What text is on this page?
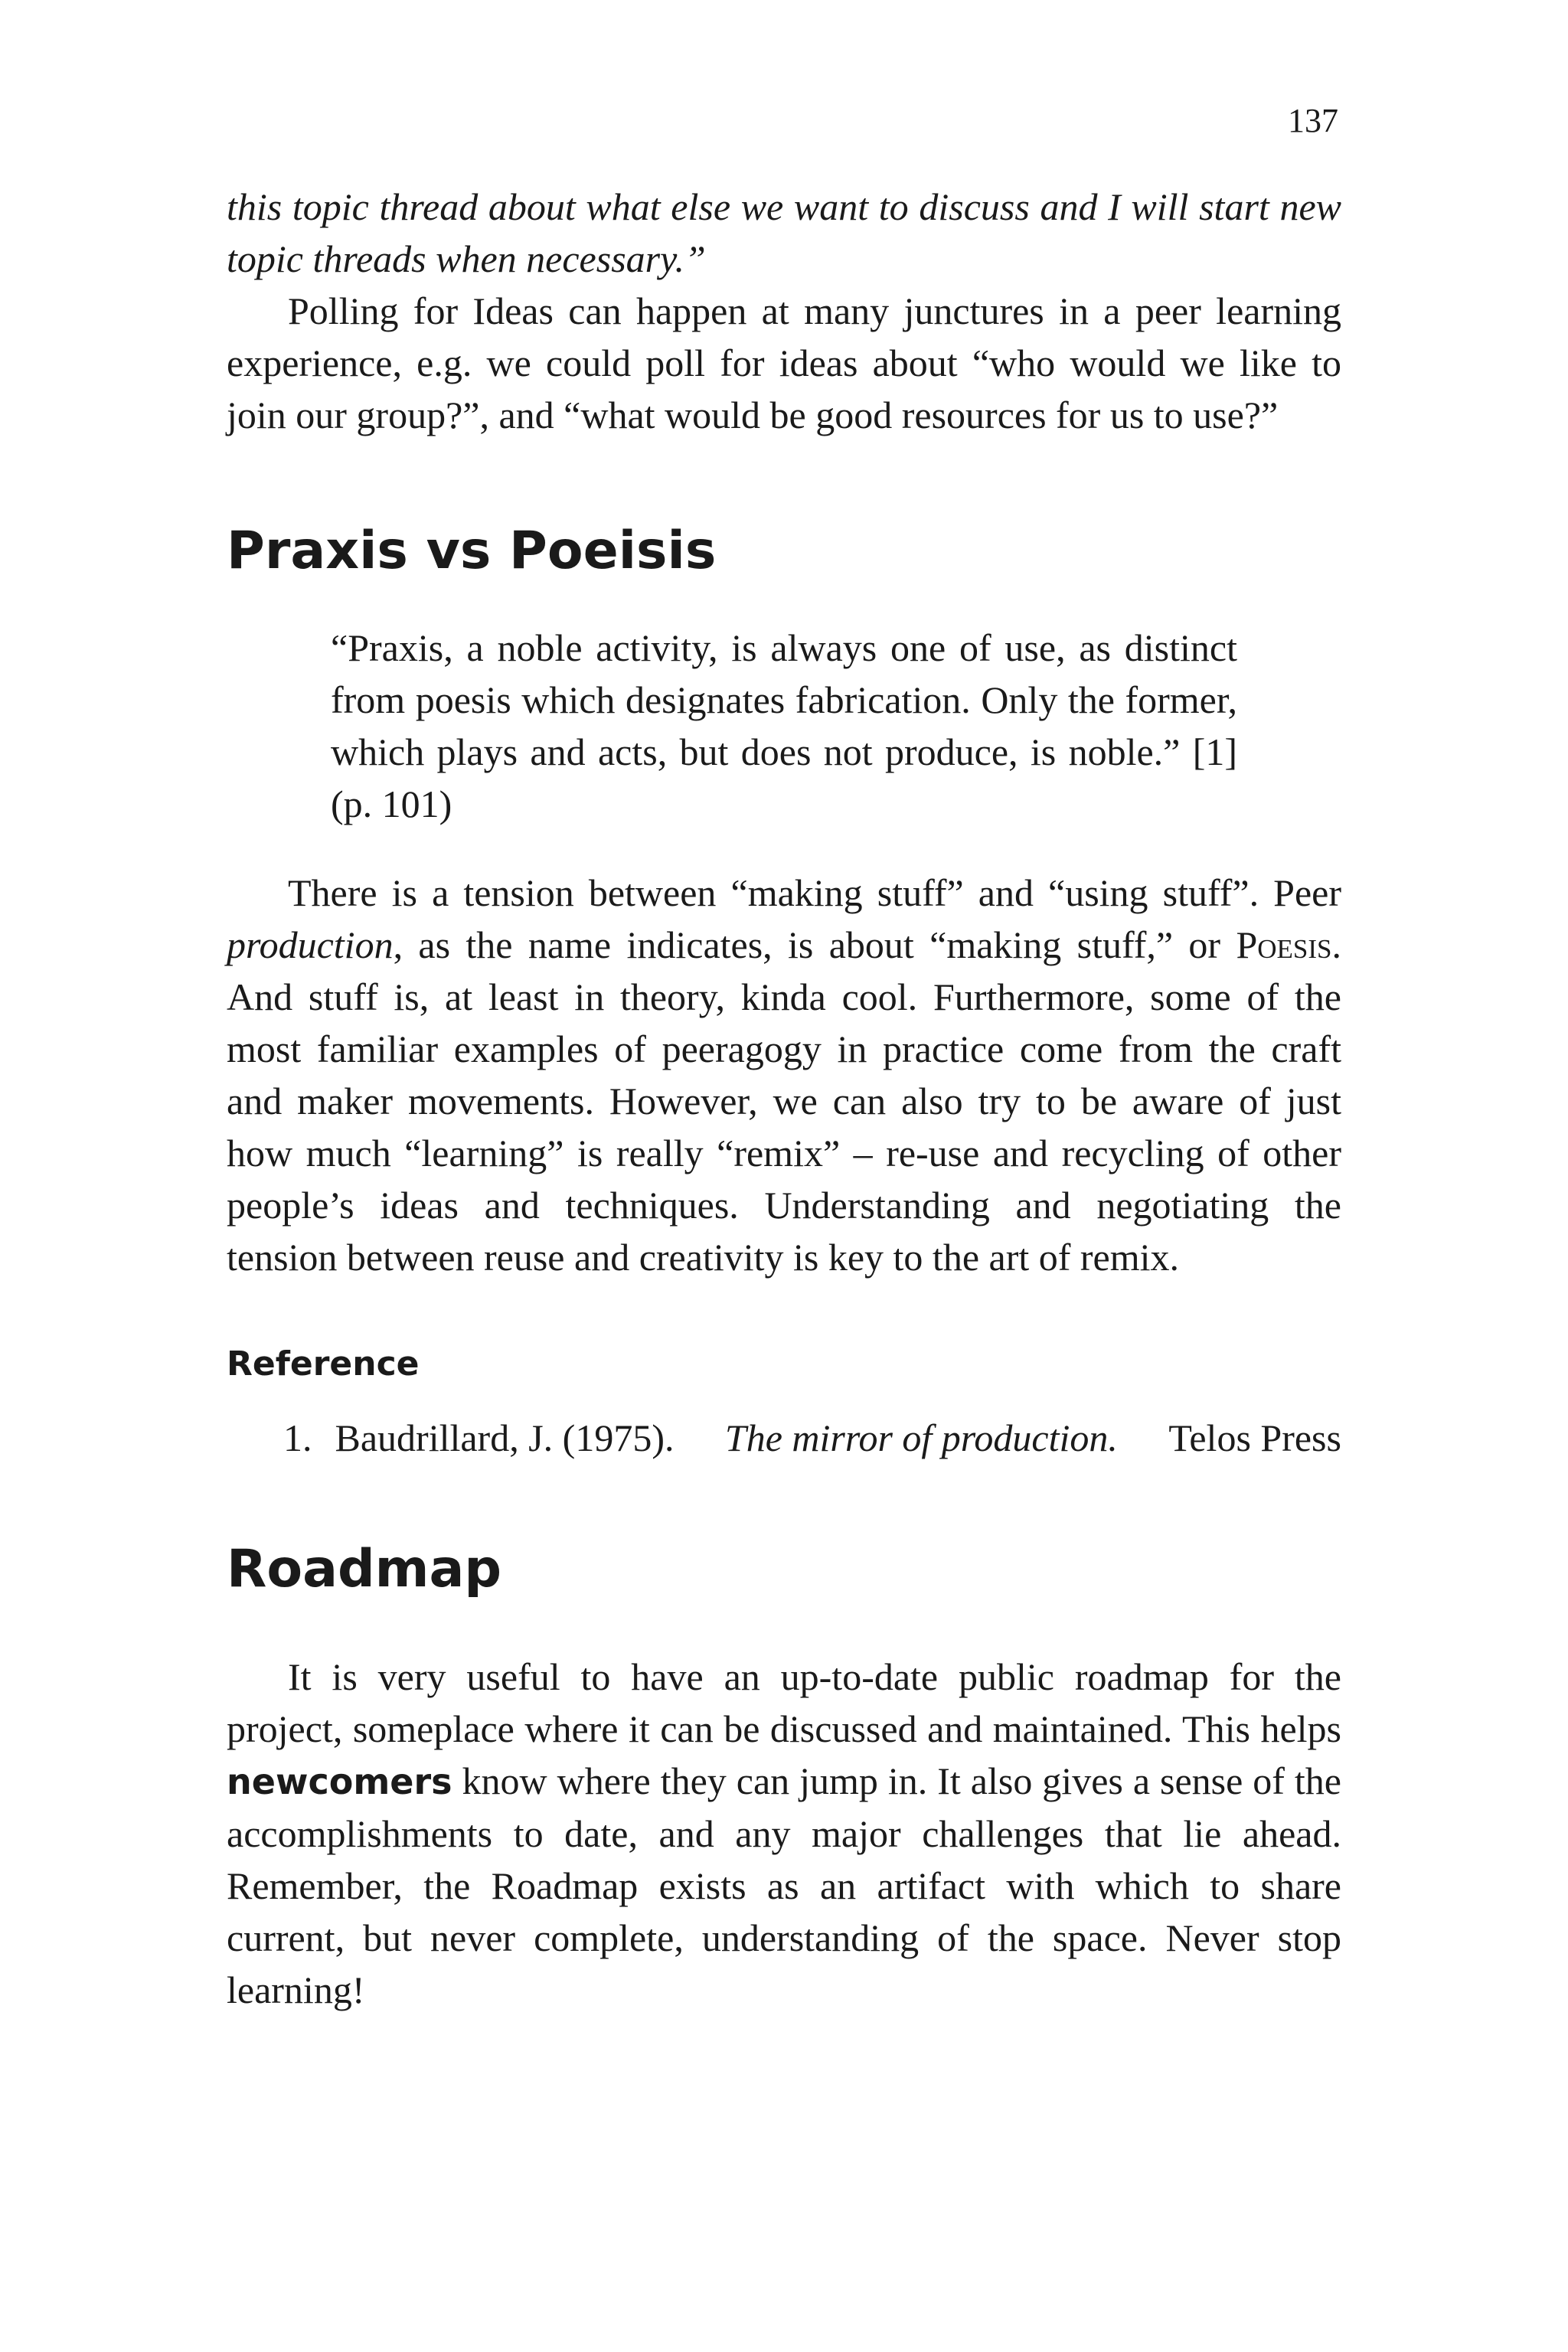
137

this topic thread about what else we want to discuss and I will start new topic threads when necessary.”

Polling for Ideas can happen at many junctures in a peer learning experience, e.g. we could poll for ideas about “who would we like to join our group?”, and “what would be good resources for us to use?”

Praxis vs Poeisis

“Praxis, a noble activity, is always one of use, as distinct from poesis which designates fabrication. Only the former, which plays and acts, but does not produce, is noble.” [1] (p. 101)

There is a tension between “making stuff” and “using stuff”. Peer production, as the name indicates, is about “making stuff,” or Poesis. And stuff is, at least in theory, kinda cool. Furthermore, some of the most familiar examples of peeragogy in practice come from the craft and maker movements. However, we can also try to be aware of just how much “learning” is really “remix” – re-use and recycling of other people’s ideas and techniques. Understanding and negotiating the tension between reuse and creativity is key to the art of remix.

Reference
1. Baudrillard, J. (1975). The mirror of production. Telos Press
Roadmap

It is very useful to have an up-to-date public roadmap for the project, someplace where it can be discussed and maintained. This helps newcomers know where they can jump in. It also gives a sense of the accomplishments to date, and any major challenges that lie ahead. Remember, the Roadmap exists as an artifact with which to share current, but never complete, understanding of the space. Never stop learning!
